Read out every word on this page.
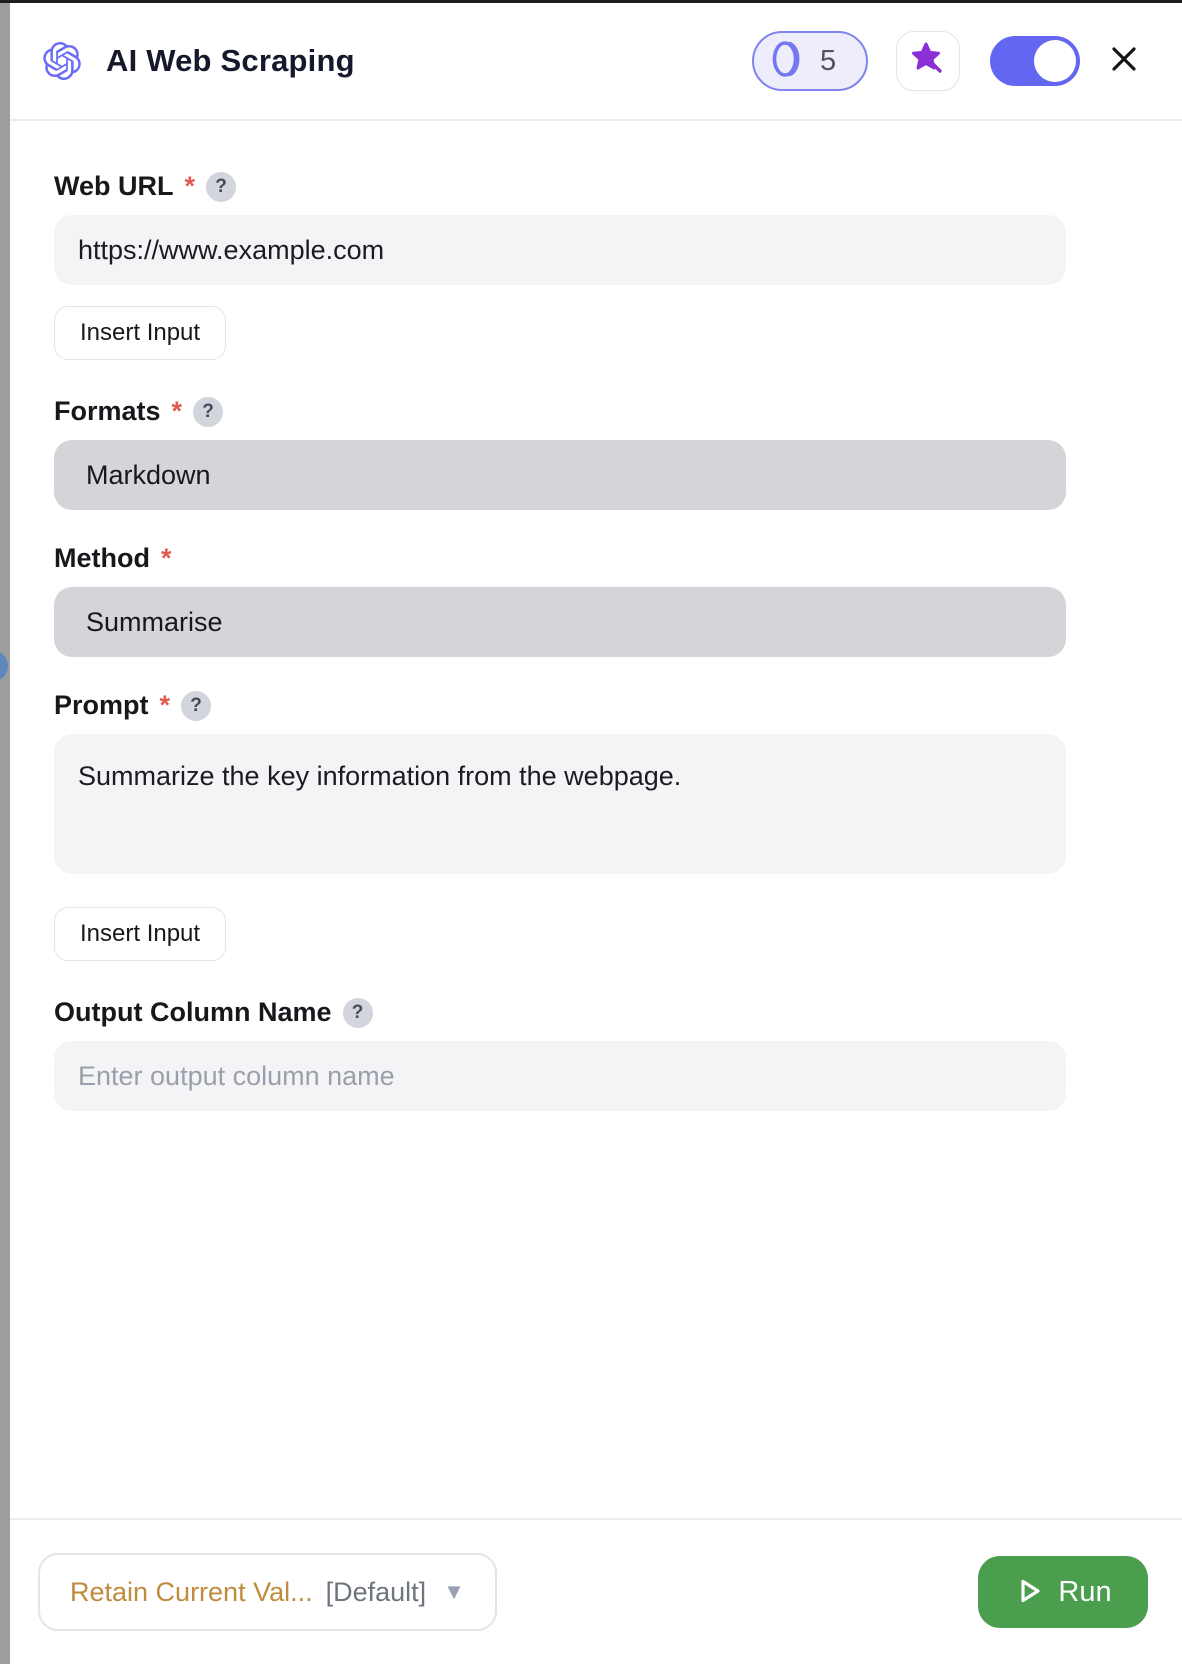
AI Web Scraping	5
Web URL *	?
https://www.example.com
Insert Input
Formats *	?
Markdown
Method *
Summarise
Prompt *	?
Summarize the key information from the webpage.
Insert Input
Output Column Name	?
Enter output column name
Retain Current Val... [Default] ▼	Run
